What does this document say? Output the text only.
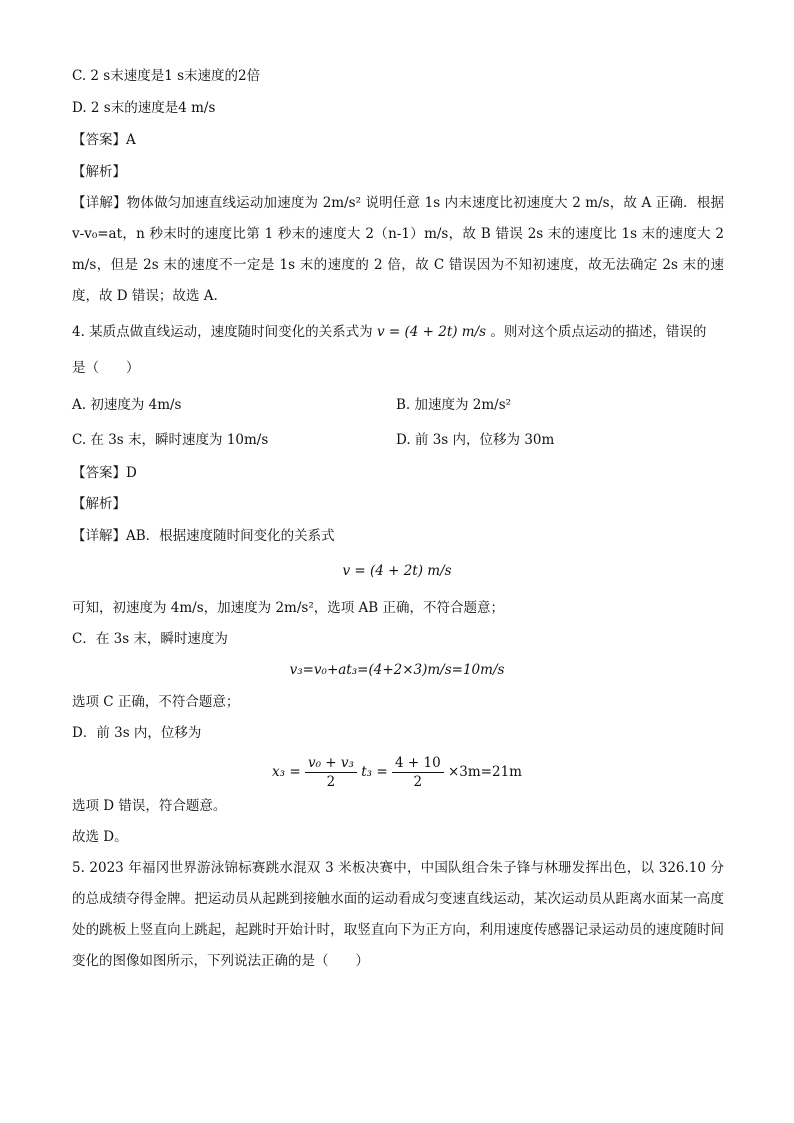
C. 2 s末速度是1 s末速度的2倍
D. 2 s末的速度是4 m/s
【答案】A
【解析】
【详解】物体做匀加速直线运动加速度为 2m/s² 说明任意 1s 内末速度比初速度大 2 m/s，故 A 正确．根据 v-v₀=at，n 秒末时的速度比第 1 秒末的速度大 2（n-1）m/s，故 B 错误 2s 末的速度比 1s 末的速度大 2 m/s，但是 2s 末的速度不一定是 1s 末的速度的 2 倍，故 C 错误因为不知初速度，故无法确定 2s 末的速度，故 D 错误；故选 A.
4. 某质点做直线运动，速度随时间变化的关系式为 v = (4 + 2t) m/s 。则对这个质点运动的描述，错误的
是（　　）
A. 初速度为 4m/s	B. 加速度为 2m/s²
C. 在 3s 末，瞬时速度为 10m/s	D. 前 3s 内，位移为 30m
【答案】D
【解析】
【详解】AB．根据速度随时间变化的关系式
v = (4 + 2t) m/s
可知，初速度为 4m/s，加速度为 2m/s²，选项 AB 正确，不符合题意；
C．在 3s 末，瞬时速度为
v₃=v₀+at₃=(4+2×3)m/s=10m/s
选项 C 正确，不符合题意；
D．前 3s 内，位移为
$x_3 = \frac{\text{v₀ + v₃}}{2} t_3 = \frac{4 + 10}{2} \times 3m=21m$
选项 D 错误，符合题意。
故选 D。
5. 2023 年福冈世界游泳锦标赛跳水混双 3 米板决赛中，中国队组合朱子锋与林珊发挥出色，以 326.10 分的总成绩夺得金牌。把运动员从起跳到接触水面的运动看成匀变速直线运动，某次运动员从距离水面某一高度处的跳板上竖直向上跳起，起跳时开始计时，取竖直向下为正方向，利用速度传感器记录运动员的速度随时间变化的图像如图所示，下列说法正确的是（　　）
